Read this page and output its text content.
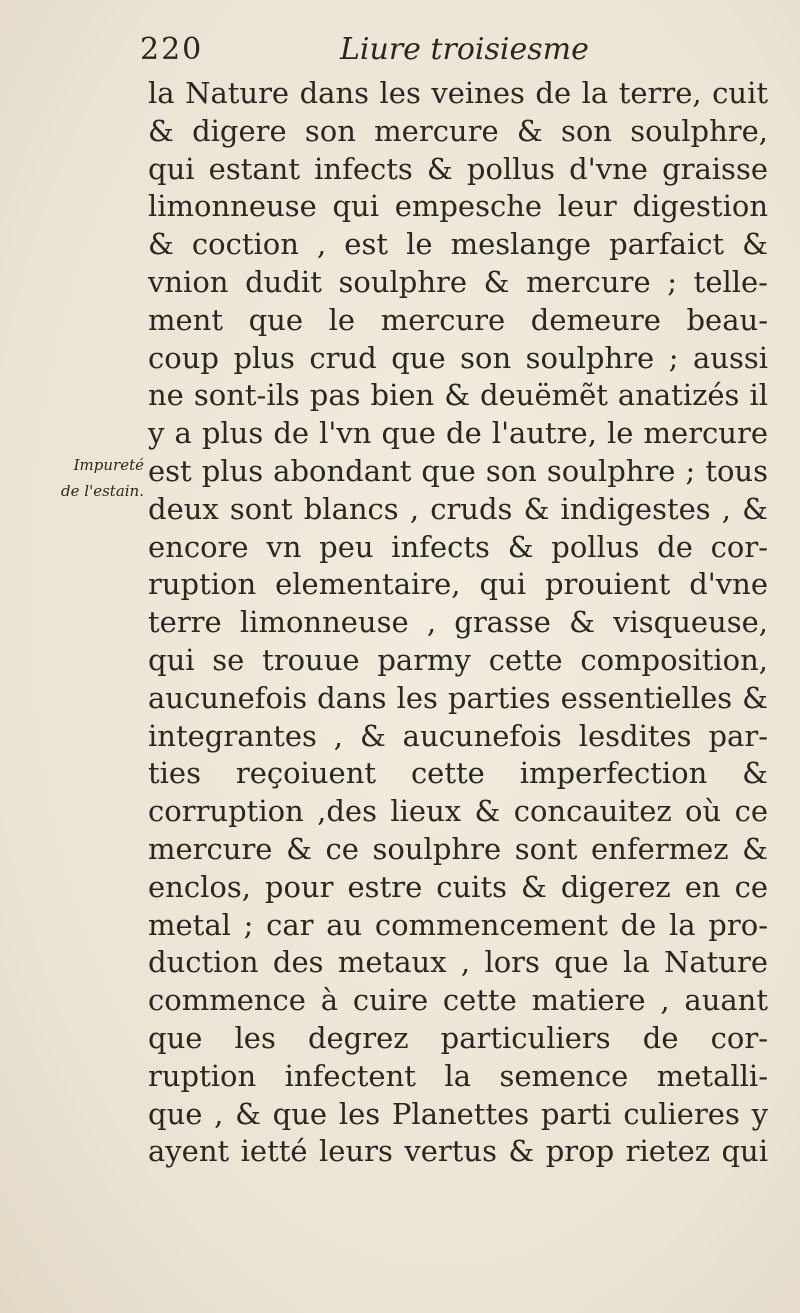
220	Liure troisiesme
Impureté
de l'estain.
la Nature dans les veines de la terre, cuit
& digere son mercure & son soulphre,
qui estant infects & pollus d'vne graisse
limonneuse qui empesche leur digestion
& coction , est le meslange parfaict &
vnion dudit soulphre & mercure ; telle-
ment que le mercure demeure beau-
coup plus crud que son soulphre ; aussi
ne sont-ils pas bien & deuëmẽt anatizés il
y a plus de l'vn que de l'autre, le mercure
est plus abondant que son soulphre ; tous
deux sont blancs , cruds & indigestes , &
encore vn peu infects & pollus de cor-
ruption elementaire, qui prouient d'vne
terre limonneuse , grasse & visqueuse,
qui se trouue parmy cette composition,
aucunefois dans les parties essentielles &
integrantes , & aucunefois lesdites par-
ties reçoiuent cette imperfection &
corruption ,des lieux & concauitez où ce
mercure & ce soulphre sont enfermez &
enclos, pour estre cuits & digerez en ce
metal ; car au commencement de la pro-
duction des metaux , lors que la Nature
commence à cuire cette matiere , auant
que les degrez particuliers de cor-
ruption infectent la semence metalli-
que , & que les Planettes parti culieres y
ayent ietté leurs vertus & prop rietez qui
